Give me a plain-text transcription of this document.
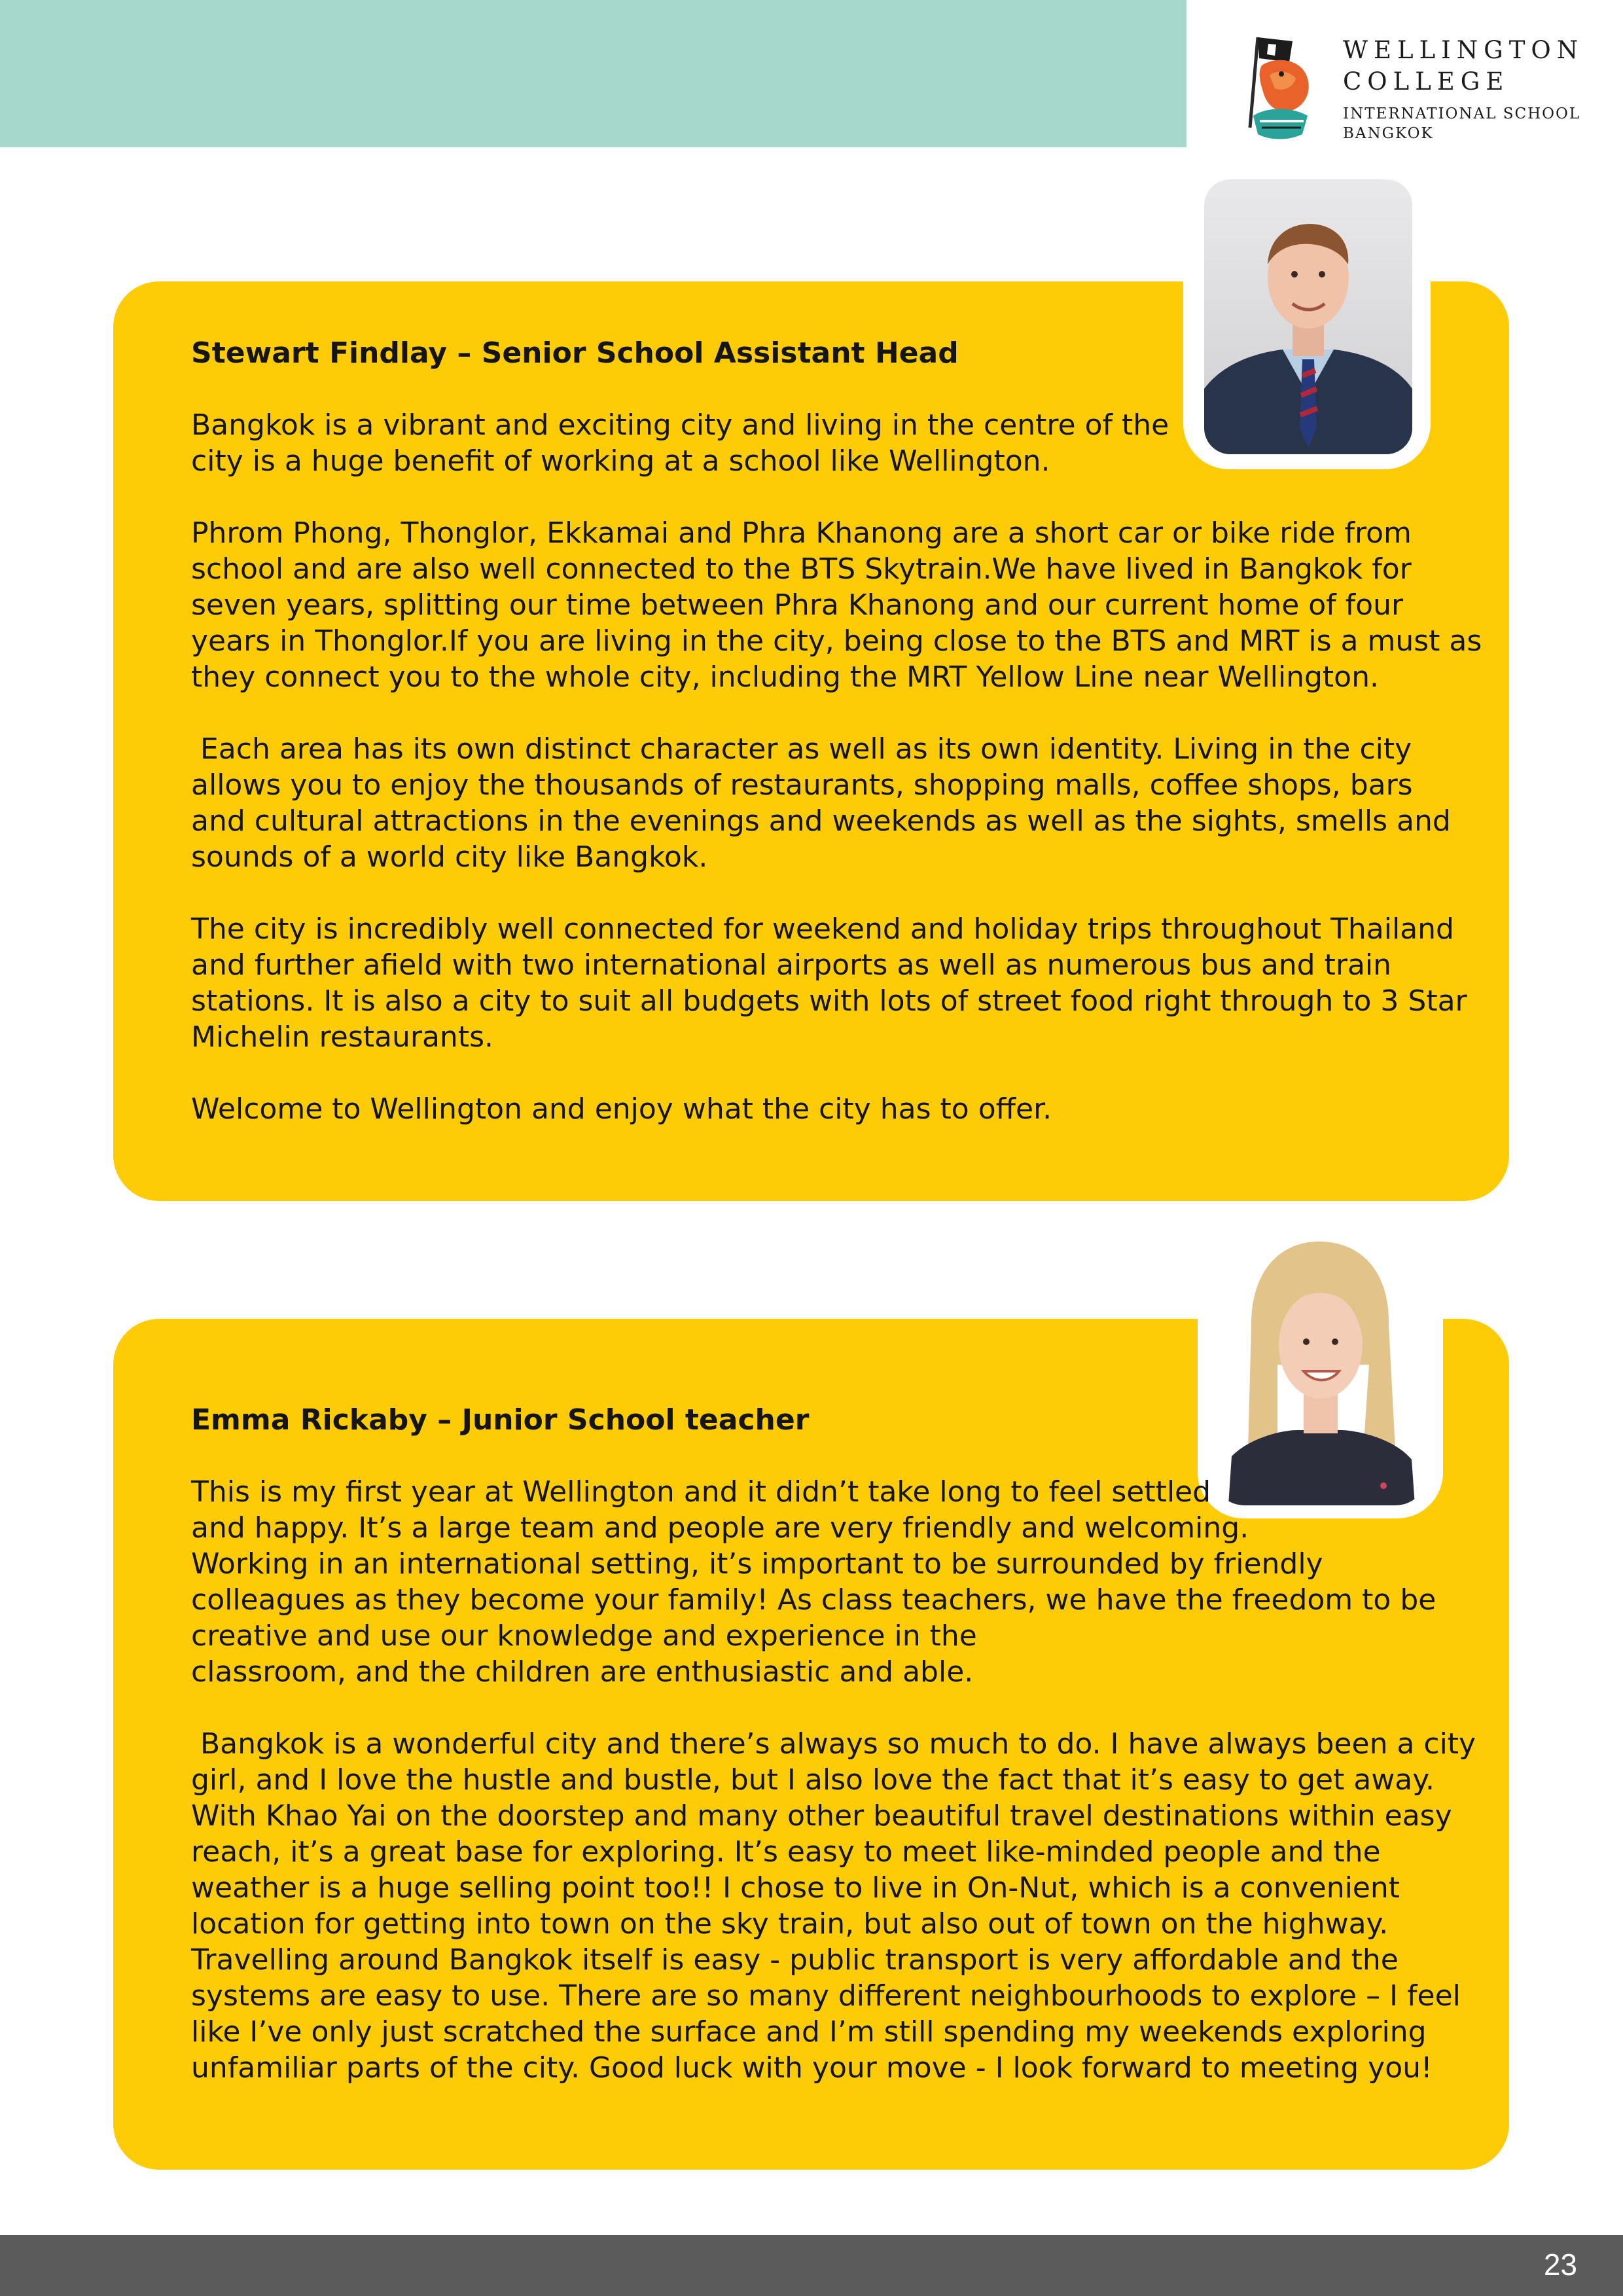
WELLINGTON
COLLEGE
INTERNATIONAL SCHOOL
BANGKOK

Stewart Findlay – Senior School Assistant Head

Bangkok is a vibrant and exciting city and living in the centre of the

city is a huge benefit of working at a school like Wellington.

Phrom Phong, Thonglor, Ekkamai and Phra Khanong are a short car or bike ride from

school and are also well connected to the BTS Skytrain.We have lived in Bangkok for

seven years, splitting our time between Phra Khanong and our current home of four

years in Thonglor.If you are living in the city, being close to the BTS and MRT is a must as

they connect you to the whole city, including the MRT Yellow Line near Wellington.

Each area has its own distinct character as well as its own identity. Living in the city

allows you to enjoy the thousands of restaurants, shopping malls, coffee shops, bars

and cultural attractions in the evenings and weekends as well as the sights, smells and

sounds of a world city like Bangkok.

The city is incredibly well connected for weekend and holiday trips throughout Thailand

and further afield with two international airports as well as numerous bus and train

stations. It is also a city to suit all budgets with lots of street food right through to 3 Star

Michelin restaurants.

Welcome to Wellington and enjoy what the city has to offer.

Emma Rickaby – Junior School teacher

This is my first year at Wellington and it didn’t take long to feel settled

and happy. It’s a large team and people are very friendly and welcoming.

Working in an international setting, it’s important to be surrounded by friendly

colleagues as they become your family! As class teachers, we have the freedom to be

creative and use our knowledge and experience in the

classroom, and the children are enthusiastic and able.

Bangkok is a wonderful city and there’s always so much to do. I have always been a city

girl, and I love the hustle and bustle, but I also love the fact that it’s easy to get away.

With Khao Yai on the doorstep and many other beautiful travel destinations within easy

reach, it’s a great base for exploring. It’s easy to meet like-minded people and the

weather is a huge selling point too!! I chose to live in On-Nut, which is a convenient

location for getting into town on the sky train, but also out of town on the highway.

Travelling around Bangkok itself is easy - public transport is very affordable and the

systems are easy to use. There are so many different neighbourhoods to explore – I feel

like I’ve only just scratched the surface and I’m still spending my weekends exploring

unfamiliar parts of the city. Good luck with your move - I look forward to meeting you!

23
